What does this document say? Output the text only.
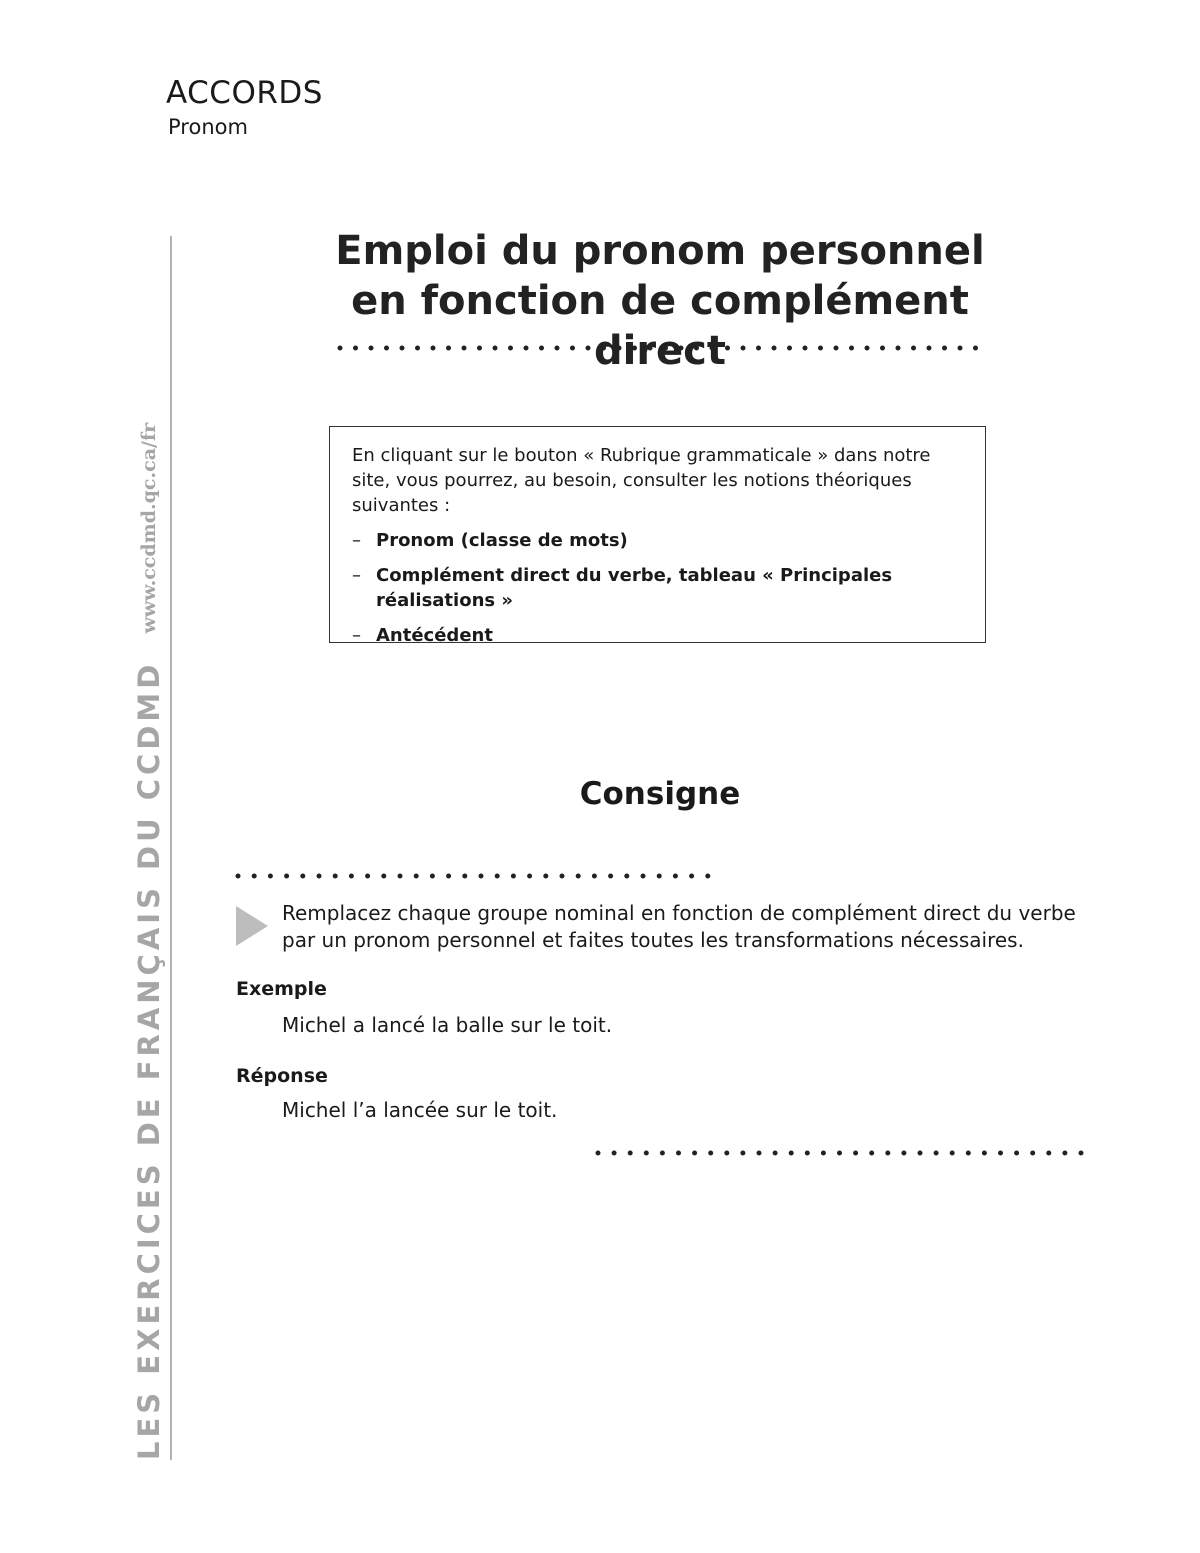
ACCORDS
Pronom
LES EXERCICES DE FRANÇAIS DU CCDMD www.ccdmd.qc.ca/fr
Emploi du pronom personnel
en fonction de complément direct

En cliquant sur le bouton « Rubrique grammaticale » dans notre site, vous pourrez, au besoin, consulter les notions théoriques suivantes :

– Pronom (classe de mots)
– Complément direct du verbe, tableau « Principales réalisations »
– Antécédent
Consigne
Remplacez chaque groupe nominal en fonction de complément direct du verbe par un pronom personnel et faites toutes les transformations nécessaires.
Exemple
Michel a lancé la balle sur le toit.
Réponse
Michel l’a lancée sur le toit.
